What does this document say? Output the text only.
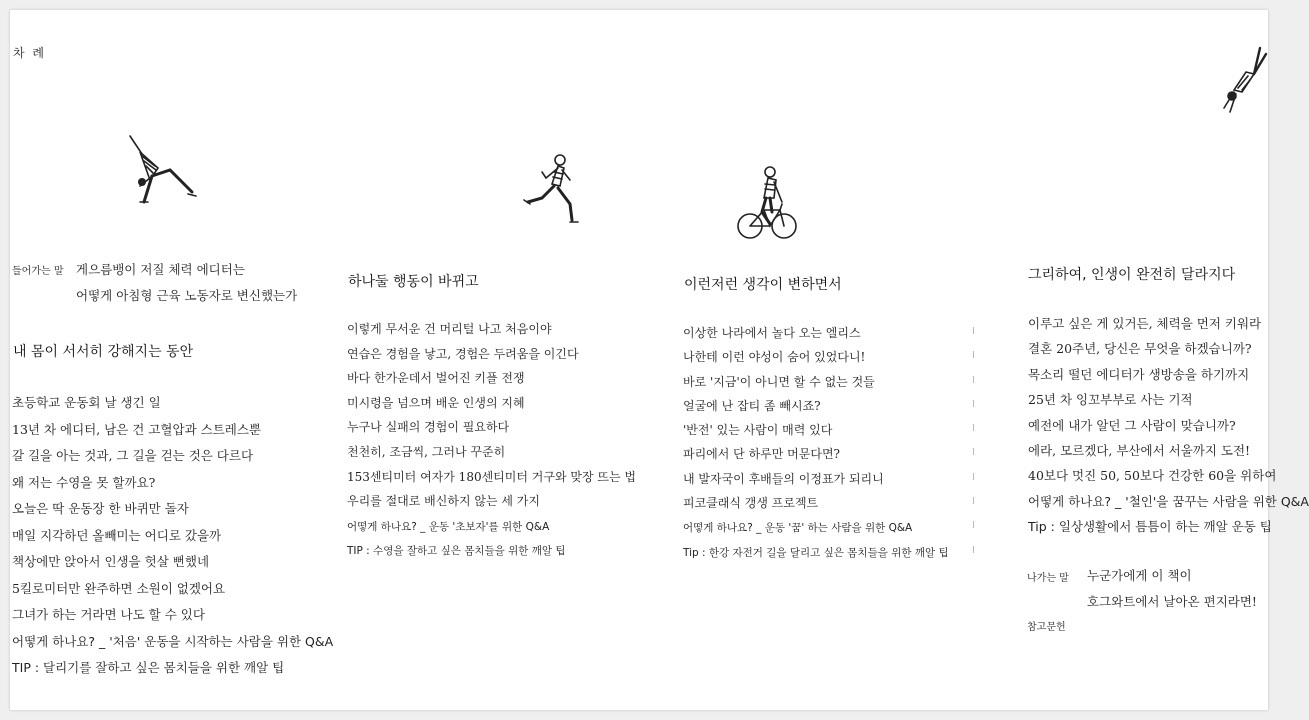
차 례
들어가는 말 게으름뱅이 저질 체력 에디터는
어떻게 아침형 근육 노동자로 변신했는가
내 몸이 서서히 강해지는 동안
초등학교 운동회 날 생긴 일
13년 차 에디터, 남은 건 고혈압과 스트레스뿐
갈 길을 아는 것과, 그 길을 걷는 것은 다르다
왜 저는 수영을 못 할까요?
오늘은 딱 운동장 한 바퀴만 돌자
매일 지각하던 올빼미는 어디로 갔을까
책상에만 앉아서 인생을 헛살 뻔했네
5킬로미터만 완주하면 소원이 없겠어요
그녀가 하는 거라면 나도 할 수 있다
어떻게 하나요? _ '처음' 운동을 시작하는 사람을 위한 Q&A
TIP : 달리기를 잘하고 싶은 몸치들을 위한 깨알 팁
하나둘 행동이 바뀌고
이렇게 무서운 건 머리털 나고 처음이야
연습은 경험을 낳고, 경험은 두려움을 이긴다
바다 한가운데서 벌어진 키플 전쟁
미시령을 넘으며 배운 인생의 지혜
누구나 실패의 경험이 필요하다
천천히, 조금씩, 그러나 꾸준히
153센티미터 여자가 180센티미터 거구와 맞장 뜨는 법
우리를 절대로 배신하지 않는 세 가지
어떻게 하나요? _ 운동 '초보자'를 위한 Q&A
TIP : 수영을 잘하고 싶은 몸치들을 위한 깨알 팁
이런저런 생각이 변하면서
이상한 나라에서 놀다 오는 엘리스
나한테 이런 야성이 숨어 있었다니!
바로 '지금'이 아니면 할 수 없는 것들
얼굴에 난 잡티 좀 빼시죠?
'반전' 있는 사람이 매력 있다
파리에서 단 하루만 머문다면?
내 발자국이 후배들의 이정표가 되리니
피코클래식 갱생 프로젝트
어떻게 하나요? _ 운동 '꿈' 하는 사람을 위한 Q&A
Tip : 한강 자전거 길을 달리고 싶은 몸치들을 위한 깨알 팁
그리하여, 인생이 완전히 달라지다
이루고 싶은 게 있거든, 체력을 먼저 키워라
결혼 20주년, 당신은 무엇을 하겠습니까?
목소리 떨던 에디터가 생방송을 하기까지
25년 차 잉꼬부부로 사는 기적
예전에 내가 알던 그 사람이 맞습니까?
에라, 모르겠다, 부산에서 서울까지 도전!
40보다 멋진 50, 50보다 건강한 60을 위하여
어떻게 하나요? _ '철인'을 꿈꾸는 사람을 위한 Q&A
Tip : 일상생활에서 틈틈이 하는 깨알 운동 팁
나가는 말 누군가에게 이 책이
호그와트에서 날아온 편지라면!
참고문헌
